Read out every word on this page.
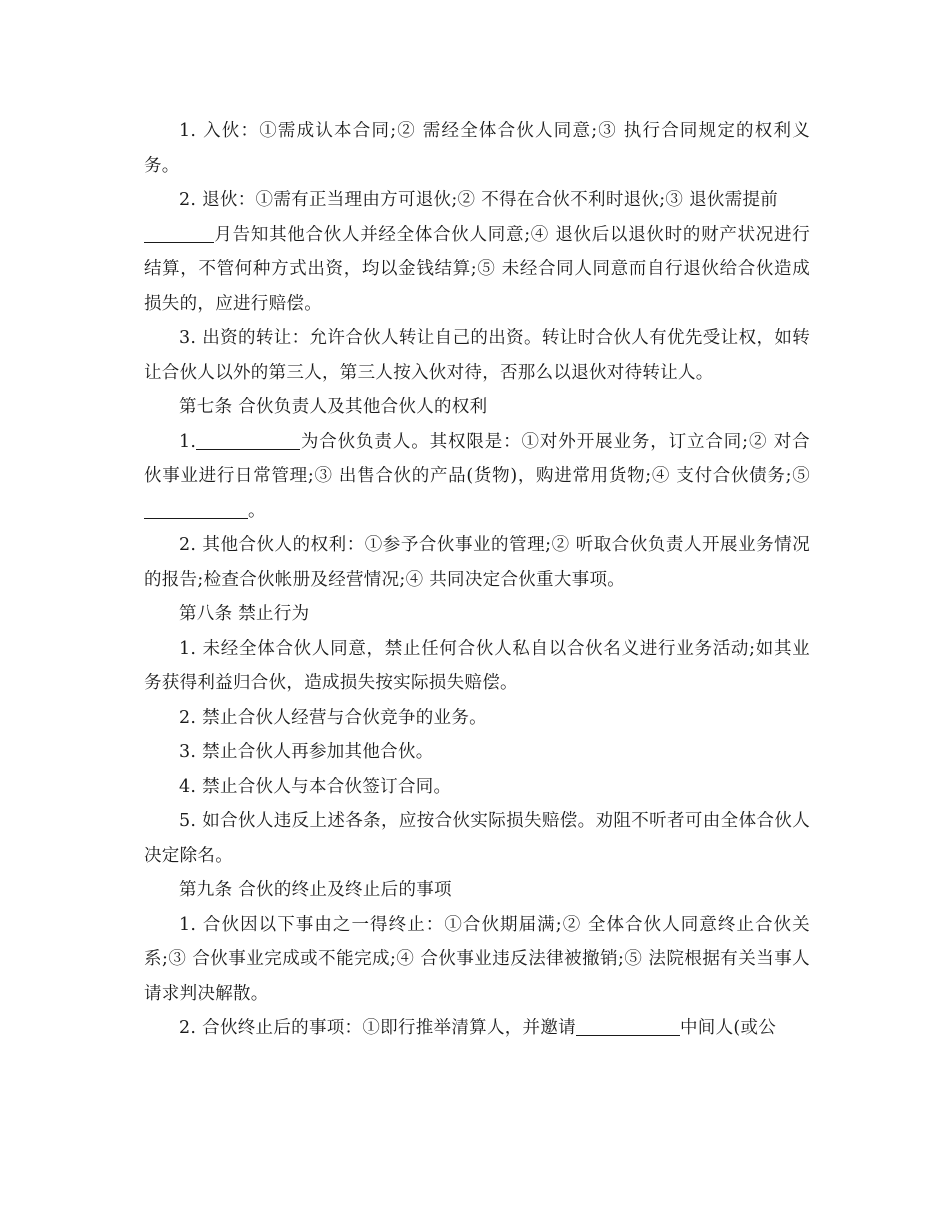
1. 入伙：①需成认本合同;② 需经全体合伙人同意;③ 执行合同规定的权利义务。

2. 退伙：①需有正当理由方可退伙;② 不得在合伙不利时退伙;③ 退伙需提前
月告知其他合伙人并经全体合伙人同意;④ 退伙后以退伙时的财产状况进行结算，不管何种方式出资，均以金钱结算;⑤ 未经合同人同意而自行退伙给合伙造成损失的，应进行赔偿。

3. 出资的转让：允许合伙人转让自己的出资。转让时合伙人有优先受让权，如转让合伙人以外的第三人，第三人按入伙对待，否那么以退伙对待转让人。

第七条 合伙负责人及其他合伙人的权利

1.	为合伙负责人。其权限是：①对外开展业务，订立合同;② 对合伙事业进行日常管理;③ 出售合伙的产品(货物)，购进常用货物;④ 支付合伙债务;⑤。

2. 其他合伙人的权利：①参予合伙事业的管理;② 听取合伙负责人开展业务情况的报告;检查合伙帐册及经营情况;④ 共同决定合伙重大事项。

第八条 禁止行为

1. 未经全体合伙人同意，禁止任何合伙人私自以合伙名义进行业务活动;如其业务获得利益归合伙，造成损失按实际损失赔偿。

2. 禁止合伙人经营与合伙竞争的业务。

3. 禁止合伙人再参加其他合伙。

4. 禁止合伙人与本合伙签订合同。

5. 如合伙人违反上述各条，应按合伙实际损失赔偿。劝阻不听者可由全体合伙人决定除名。

第九条 合伙的终止及终止后的事项

1. 合伙因以下事由之一得终止：①合伙期届满;② 全体合伙人同意终止合伙关系;③ 合伙事业完成或不能完成;④ 合伙事业违反法律被撤销;⑤ 法院根据有关当事人请求判决解散。

2. 合伙终止后的事项：①即行推举清算人，并邀请	中间人(或公
